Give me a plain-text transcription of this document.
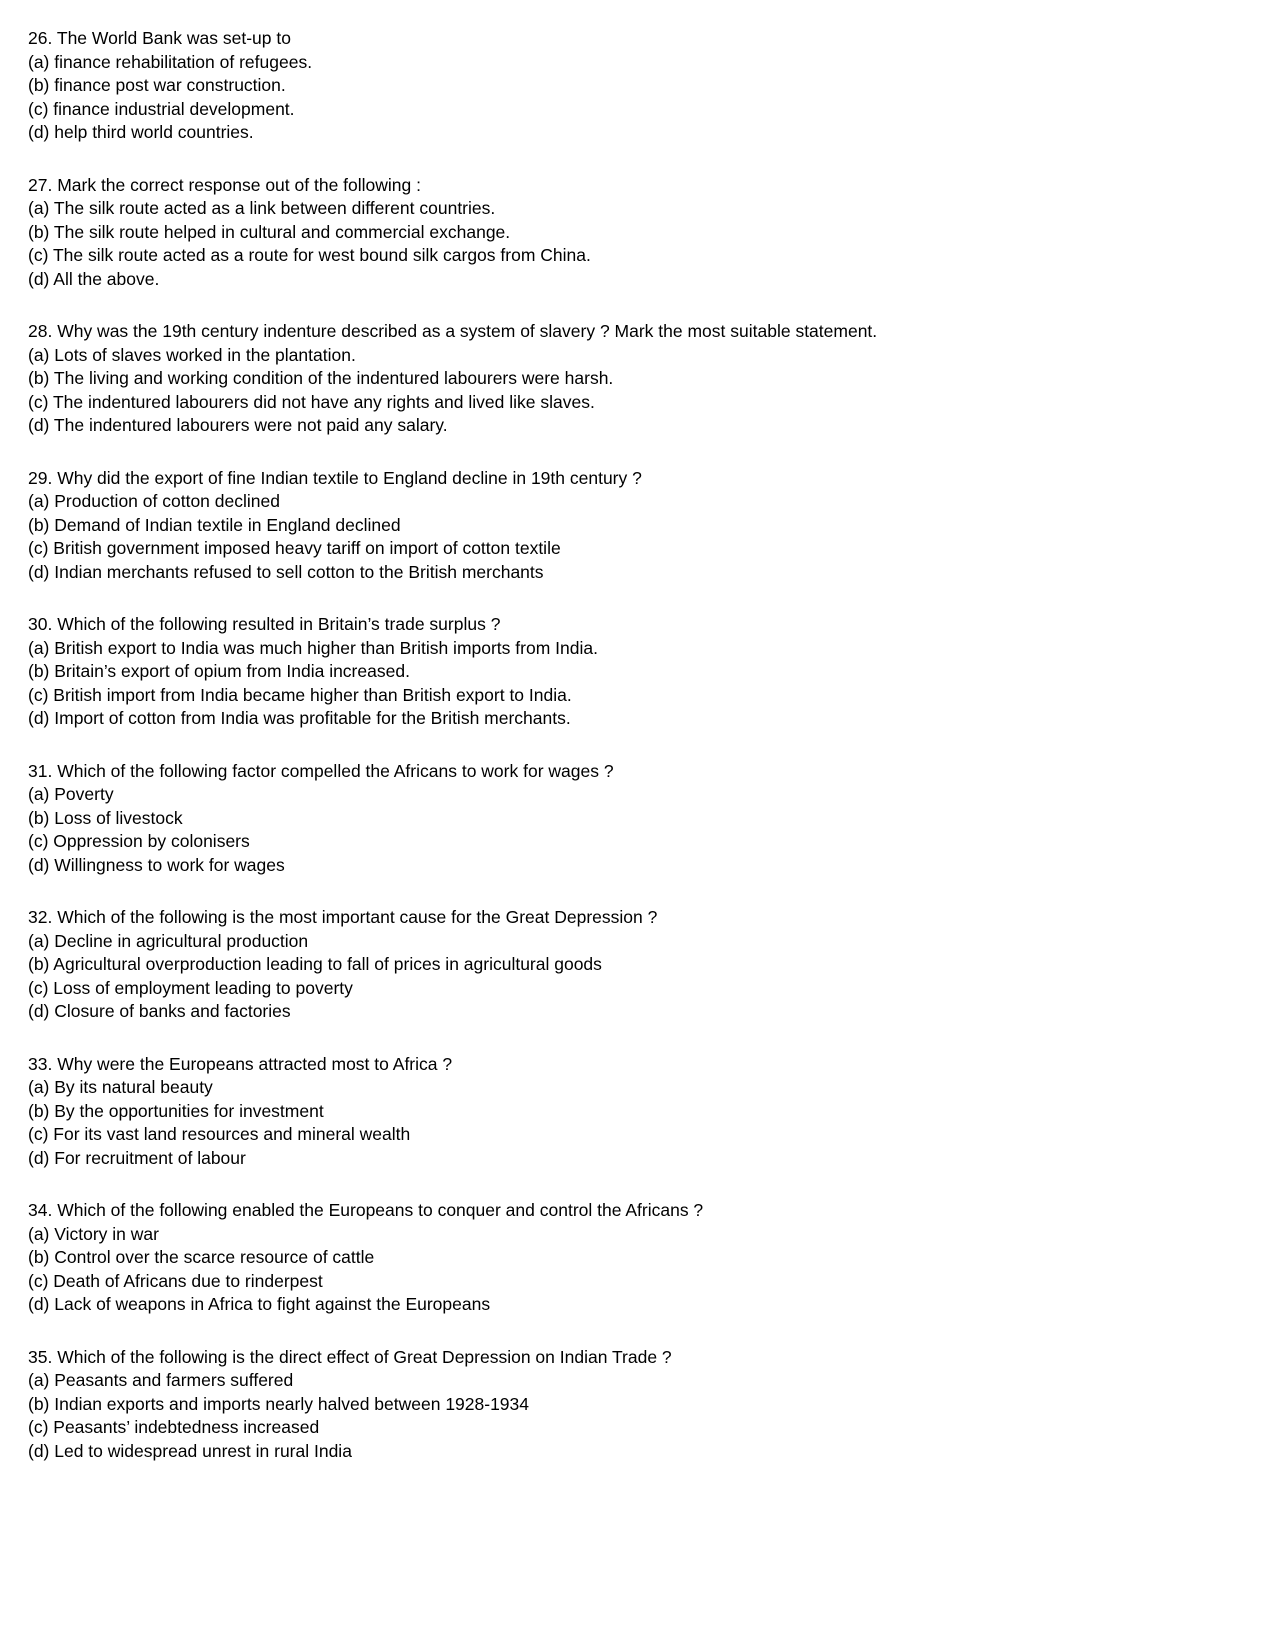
26. The World Bank was set-up to
(a) finance rehabilitation of refugees.
(b) finance post war construction.
(c) finance industrial development.
(d) help third world countries.
27. Mark the correct response out of the following :
(a) The silk route acted as a link between different countries.
(b) The silk route helped in cultural and commercial exchange.
(c) The silk route acted as a route for west bound silk cargos from China.
(d) All the above.
28. Why was the 19th century indenture described as a system of slavery ? Mark the most suitable statement.
(a) Lots of slaves worked in the plantation.
(b) The living and working condition of the indentured labourers were harsh.
(c) The indentured labourers did not have any rights and lived like slaves.
(d) The indentured labourers were not paid any salary.
29. Why did the export of fine Indian textile to England decline in 19th century ?
(a) Production of cotton declined
(b) Demand of Indian textile in England declined
(c) British government imposed heavy tariff on import of cotton textile
(d) Indian merchants refused to sell cotton to the British merchants
30. Which of the following resulted in Britain’s trade surplus ?
(a) British export to India was much higher than British imports from India.
(b) Britain’s export of opium from India increased.
(c) British import from India became higher than British export to India.
(d) Import of cotton from India was profitable for the British merchants.
31. Which of the following factor compelled the Africans to work for wages ?
(a) Poverty
(b) Loss of livestock
(c) Oppression by colonisers
(d) Willingness to work for wages
32. Which of the following is the most important cause for the Great Depression ?
(a) Decline in agricultural production
(b) Agricultural overproduction leading to fall of prices in agricultural goods
(c) Loss of employment leading to poverty
(d) Closure of banks and factories
33. Why were the Europeans attracted most to Africa ?
(a) By its natural beauty
(b) By the opportunities for investment
(c) For its vast land resources and mineral wealth
(d) For recruitment of labour
34. Which of the following enabled the Europeans to conquer and control the Africans ?
(a) Victory in war
(b) Control over the scarce resource of cattle
(c) Death of Africans due to rinderpest
(d) Lack of weapons in Africa to fight against the Europeans
35. Which of the following is the direct effect of Great Depression on Indian Trade ?
(a) Peasants and farmers suffered
(b) Indian exports and imports nearly halved between 1928-1934
(c) Peasants’ indebtedness increased
(d) Led to widespread unrest in rural India
